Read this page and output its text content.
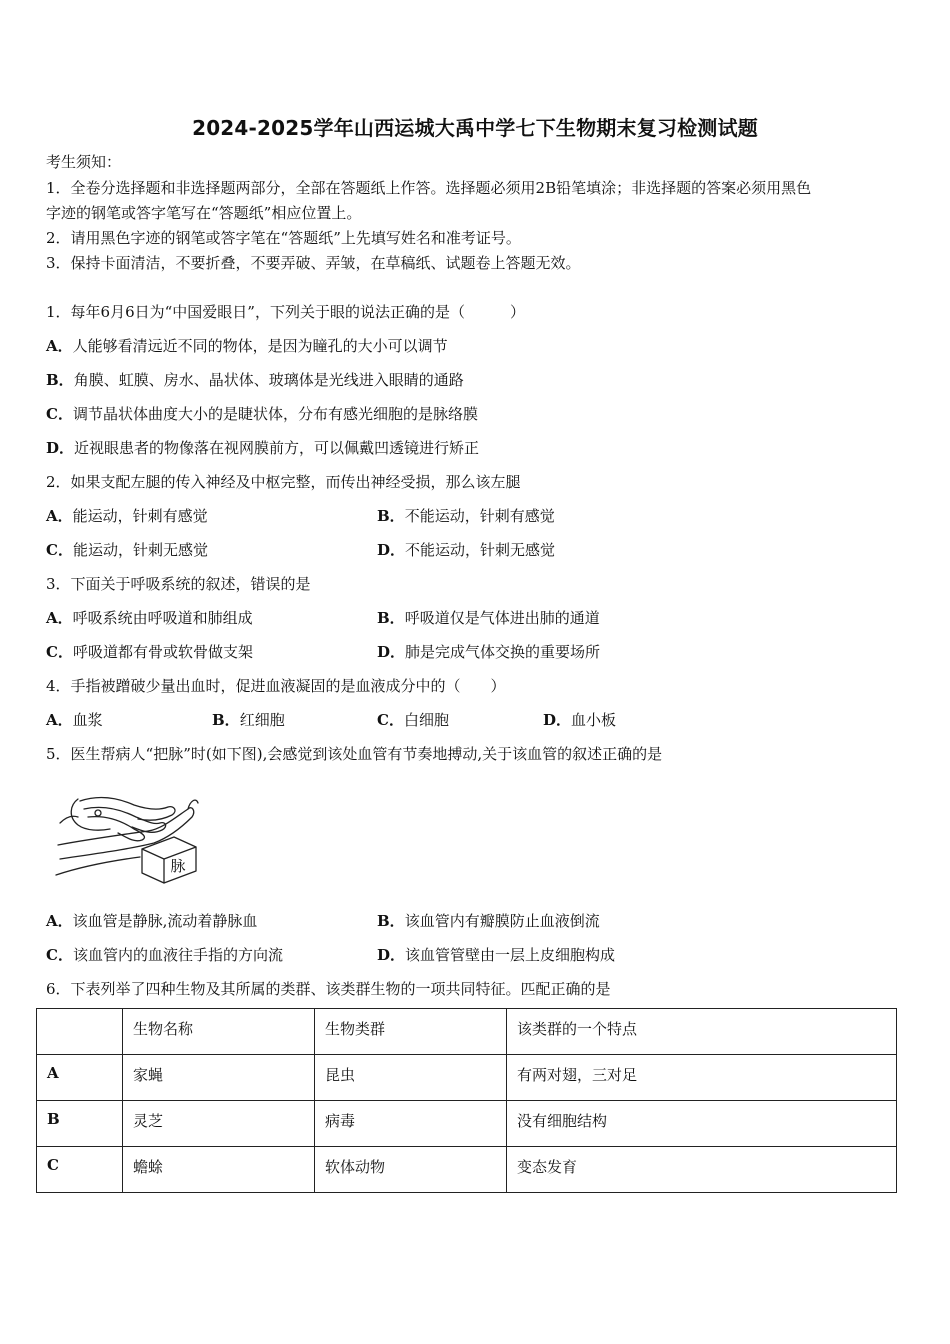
2024-2025学年山西运城大禹中学七下生物期末复习检测试题
考生须知：
1．全卷分选择题和非选择题两部分，全部在答题纸上作答。选择题必须用2B铅笔填涂；非选择题的答案必须用黑色
字迹的钢笔或答字笔写在“答题纸”相应位置上。
2．请用黑色字迹的钢笔或答字笔在“答题纸”上先填写姓名和准考证号。
3．保持卡面清洁，不要折叠，不要弄破、弄皱，在草稿纸、试题卷上答题无效。
1．每年6月6日为“中国爱眼日”，下列关于眼的说法正确的是（　　　）
A．人能够看清远近不同的物体，是因为瞳孔的大小可以调节
B．角膜、虹膜、房水、晶状体、玻璃体是光线进入眼睛的通路
C．调节晶状体曲度大小的是睫状体，分布有感光细胞的是脉络膜
D．近视眼患者的物像落在视网膜前方，可以佩戴凹透镜进行矫正
2．如果支配左腿的传入神经及中枢完整，而传出神经受损，那么该左腿
A．能运动，针刺有感觉	B．不能运动，针刺有感觉
C．能运动，针刺无感觉	D．不能运动，针刺无感觉
3．下面关于呼吸系统的叙述，错误的是
A．呼吸系统由呼吸道和肺组成	B．呼吸道仅是气体进出肺的通道
C．呼吸道都有骨或软骨做支架	D．肺是完成气体交换的重要场所
4．手指被蹭破少量出血时，促进血液凝固的是血液成分中的（　　）
A．血浆	B．红细胞	C．白细胞	D．血小板
5．医生帮病人“把脉”时(如下图),会感觉到该处血管有节奏地搏动,关于该血管的叙述正确的是
脉
A．该血管是静脉,流动着静脉血	B．该血管内有瓣膜防止血液倒流
C．该血管内的血液往手指的方向流	D．该血管管壁由一层上皮细胞构成
6．下表列举了四种生物及其所属的类群、该类群生物的一项共同特征。匹配正确的是
	生物名称	生物类群	该类群的一个特点
A	家蝇	昆虫	有两对翅，三对足
B	灵芝	病毒	没有细胞结构
C	蟾蜍	软体动物	变态发育
